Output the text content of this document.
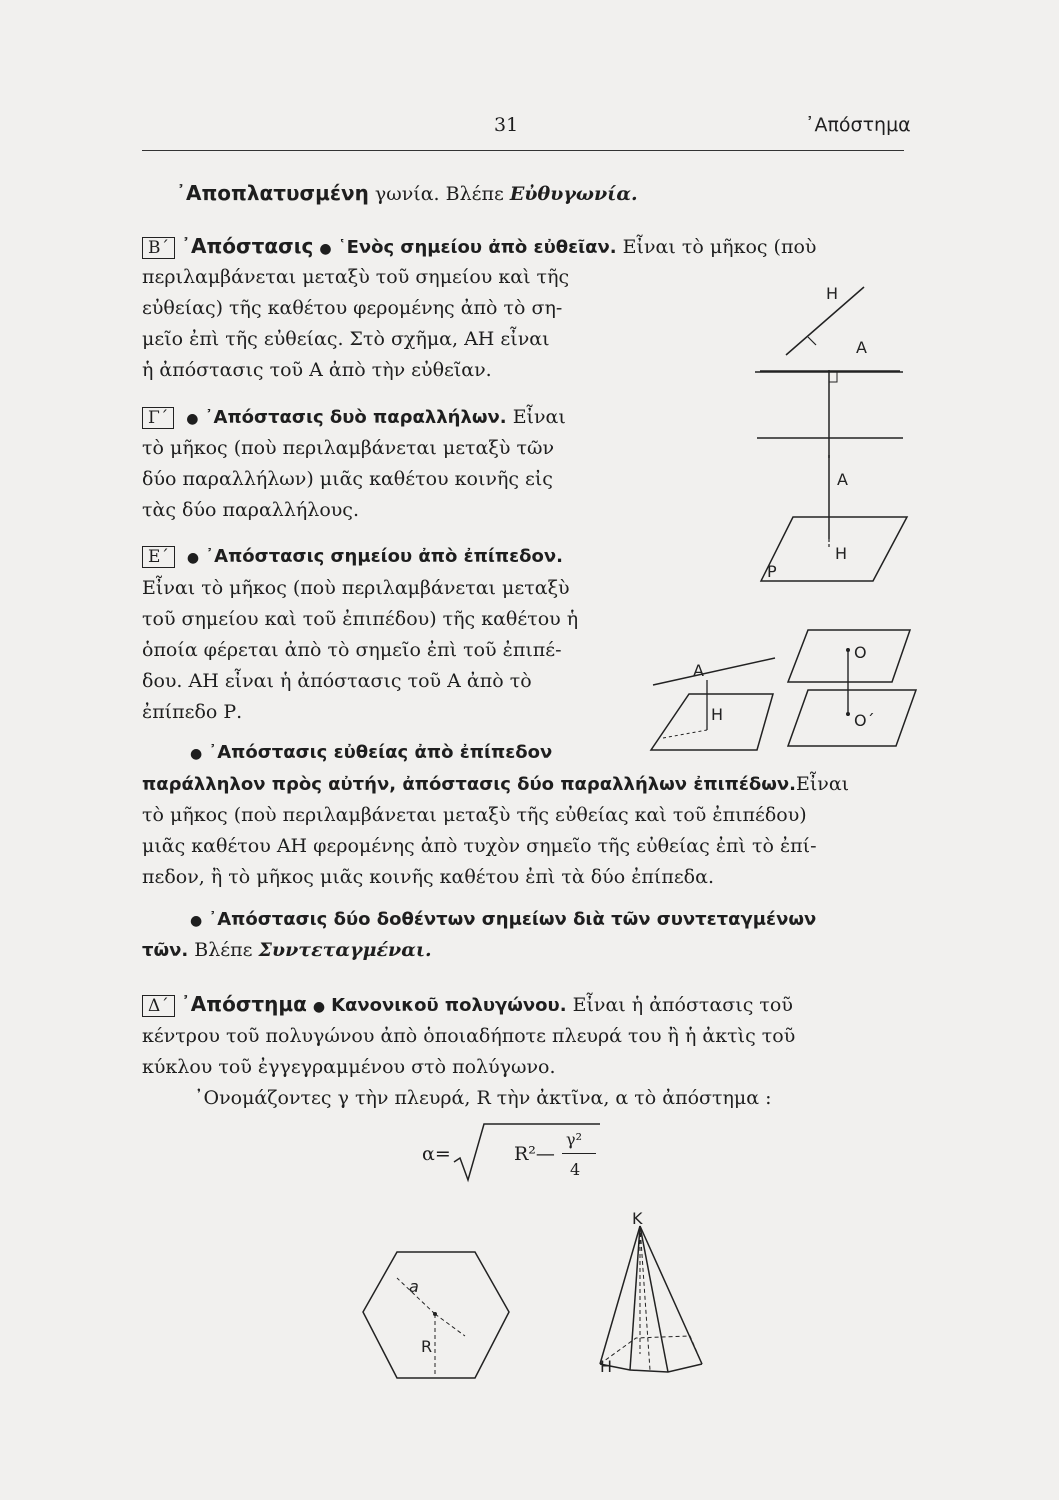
31	᾿Απόστημα
᾿Αποπλατυσμένη γωνία. Βλέπε Εὐθυγωνία.
Β´ ᾿Απόστασις ● ῾Ενὸς σημείου ἀπὸ εὐθεῖαν. Εἶναι τὸ μῆκος (ποὺ
περιλαμβάνεται μεταξὺ τοῦ σημείου καὶ τῆς
εὐθείας) τῆς καθέτου φερομένης ἀπὸ τὸ ση-
μεῖο ἐπὶ τῆς εὐθείας. Στὸ σχῆμα, ΑΗ εἶναι
ἡ ἀπόστασις τοῦ Α ἀπὸ τὴν εὐθεῖαν.
Γ´ ● ᾿Απόστασις δυὸ παραλλήλων. Εἶναι
τὸ μῆκος (ποὺ περιλαμβάνεται μεταξὺ τῶν
δύο παραλλήλων) μιᾶς καθέτου κοινῆς εἰς
τὰς δύο παραλλήλους.
Ε´ ● ᾿Απόστασις σημείου ἀπὸ ἐπίπεδον.
Εἶναι τὸ μῆκος (ποὺ περιλαμβάνεται μεταξὺ
τοῦ σημείου καὶ τοῦ ἐπιπέδου) τῆς καθέτου ἡ
ὁποία φέρεται ἀπὸ τὸ σημεῖο ἐπὶ τοῦ ἐπιπέ-
δου. ΑΗ εἶναι ἡ ἀπόστασις τοῦ Α ἀπὸ τὸ
ἐπίπεδο Ρ.
● ᾿Απόστασις εὐθείας ἀπὸ ἐπίπεδον
παράλληλον πρὸς αὐτήν, ἀπόστασις δύο παραλλήλων ἐπιπέδων.Εἶναι
τὸ μῆκος (ποὺ περιλαμβάνεται μεταξὺ τῆς εὐθείας καὶ τοῦ ἐπιπέδου)
μιᾶς καθέτου ΑΗ φερομένης ἀπὸ τυχὸν σημεῖο τῆς εὐθείας ἐπὶ τὸ ἐπί-
πεδον, ἢ τὸ μῆκος μιᾶς κοινῆς καθέτου ἐπὶ τὰ δύο ἐπίπεδα.
● ᾿Απόστασις δύο δοθέντων σημείων διὰ τῶν συντεταγμένων
τῶν. Βλέπε Συντεταγμέναι.
Δ´ ᾿Απόστημα ● Κανονικοῦ πολυγώνου. Εἶναι ἡ ἀπόστασις τοῦ
κέντρου τοῦ πολυγώνου ἀπὸ ὁποιαδήποτε πλευρά του ἢ ἡ ἀκτὶς τοῦ
κύκλου τοῦ ἐγγεγραμμένου στὸ πολύγωνο.
᾿Ονομάζοντες γ τὴν πλευρά, R τὴν ἀκτῖνα, α τὸ ἀπόστημα :
α=	R²—
γ²
4
Η
Α
Α
Η
Ρ
Α
Η
Ο
Ο´
a
R
Κ
Η
